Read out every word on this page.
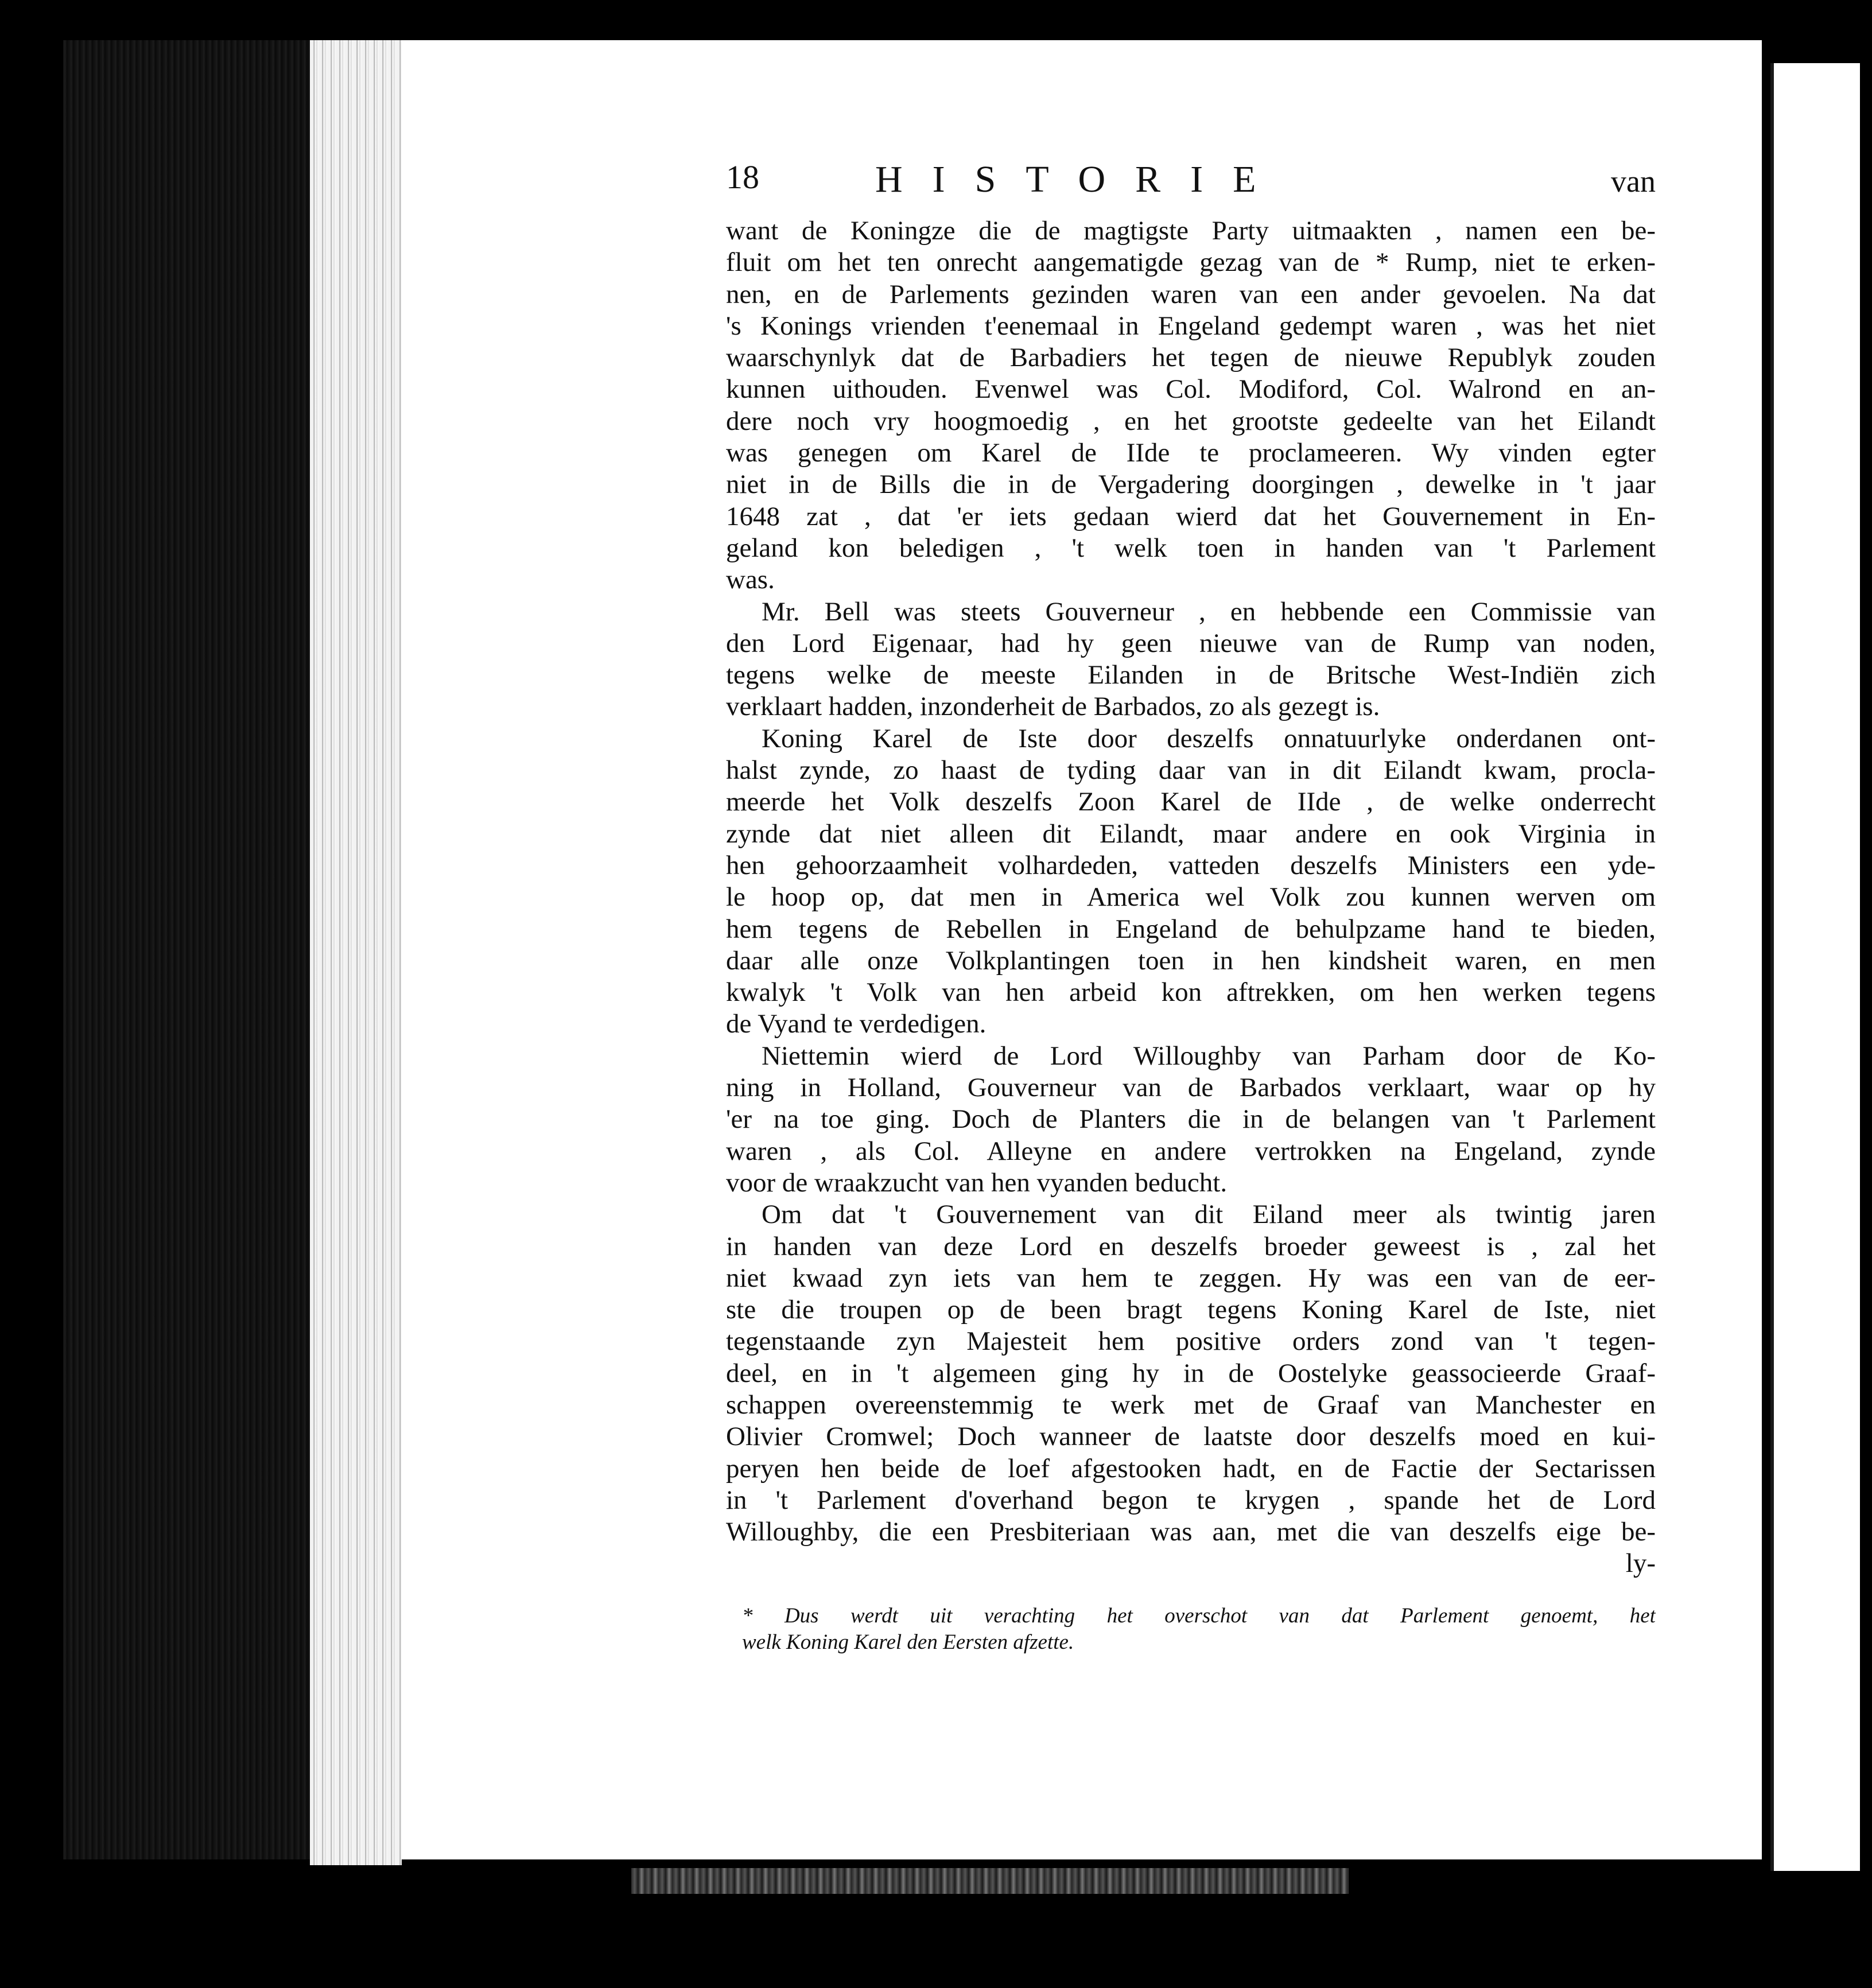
18	HISTORIE	van
want de Koningze die de magtigste Party uitmaakten , namen een be-
fluit om het ten onrecht aangematigde gezag van de * Rump, niet te erken-
nen, en de Parlements gezinden waren van een ander gevoelen. Na dat
's Konings vrienden t'eenemaal in Engeland gedempt waren , was het niet
waarschynlyk dat de Barbadiers het tegen de nieuwe Republyk zouden
kunnen uithouden. Evenwel was Col. Modiford, Col. Walrond en an-
dere noch vry hoogmoedig , en het grootste gedeelte van het Eilandt
was genegen om Karel de IIde te proclameeren. Wy vinden egter
niet in de Bills die in de Vergadering doorgingen , dewelke in 't jaar
1648 zat , dat 'er iets gedaan wierd dat het Gouvernement in En-
geland kon beledigen , 't welk toen in handen van 't Parlement
was.
Mr. Bell was steets Gouverneur , en hebbende een Commissie van
den Lord Eigenaar, had hy geen nieuwe van de Rump van noden,
tegens welke de meeste Eilanden in de Britsche West-Indiën zich
verklaart hadden, inzonderheit de Barbados, zo als gezegt is.
Koning Karel de Iste door deszelfs onnatuurlyke onderdanen ont-
halst zynde, zo haast de tyding daar van in dit Eilandt kwam, procla-
meerde het Volk deszelfs Zoon Karel de IIde , de welke onderrecht
zynde dat niet alleen dit Eilandt, maar andere en ook Virginia in
hen gehoorzaamheit volhardeden, vatteden deszelfs Ministers een yde-
le hoop op, dat men in America wel Volk zou kunnen werven om
hem tegens de Rebellen in Engeland de behulpzame hand te bieden,
daar alle onze Volkplantingen toen in hen kindsheit waren, en men
kwalyk 't Volk van hen arbeid kon aftrekken, om hen werken tegens
de Vyand te verdedigen.
Niettemin wierd de Lord Willoughby van Parham door de Ko-
ning in Holland, Gouverneur van de Barbados verklaart, waar op hy
'er na toe ging. Doch de Planters die in de belangen van 't Parlement
waren , als Col. Alleyne en andere vertrokken na Engeland, zynde
voor de wraakzucht van hen vyanden beducht.
Om dat 't Gouvernement van dit Eiland meer als twintig jaren
in handen van deze Lord en deszelfs broeder geweest is , zal het
niet kwaad zyn iets van hem te zeggen. Hy was een van de eer-
ste die troupen op de been bragt tegens Koning Karel de Iste, niet
tegenstaande zyn Majesteit hem positive orders zond van 't tegen-
deel, en in 't algemeen ging hy in de Oostelyke geassocieerde Graaf-
schappen overeenstemmig te werk met de Graaf van Manchester en
Olivier Cromwel; Doch wanneer de laatste door deszelfs moed en kui-
peryen hen beide de loef afgestooken hadt, en de Factie der Sectarissen
in 't Parlement d'overhand begon te krygen , spande het de Lord
Willoughby, die een Presbiteriaan was aan, met die van deszelfs eige be-
ly-
* Dus werdt uit verachting het overschot van dat Parlement genoemt, het
welk Koning Karel den Eersten afzette.
